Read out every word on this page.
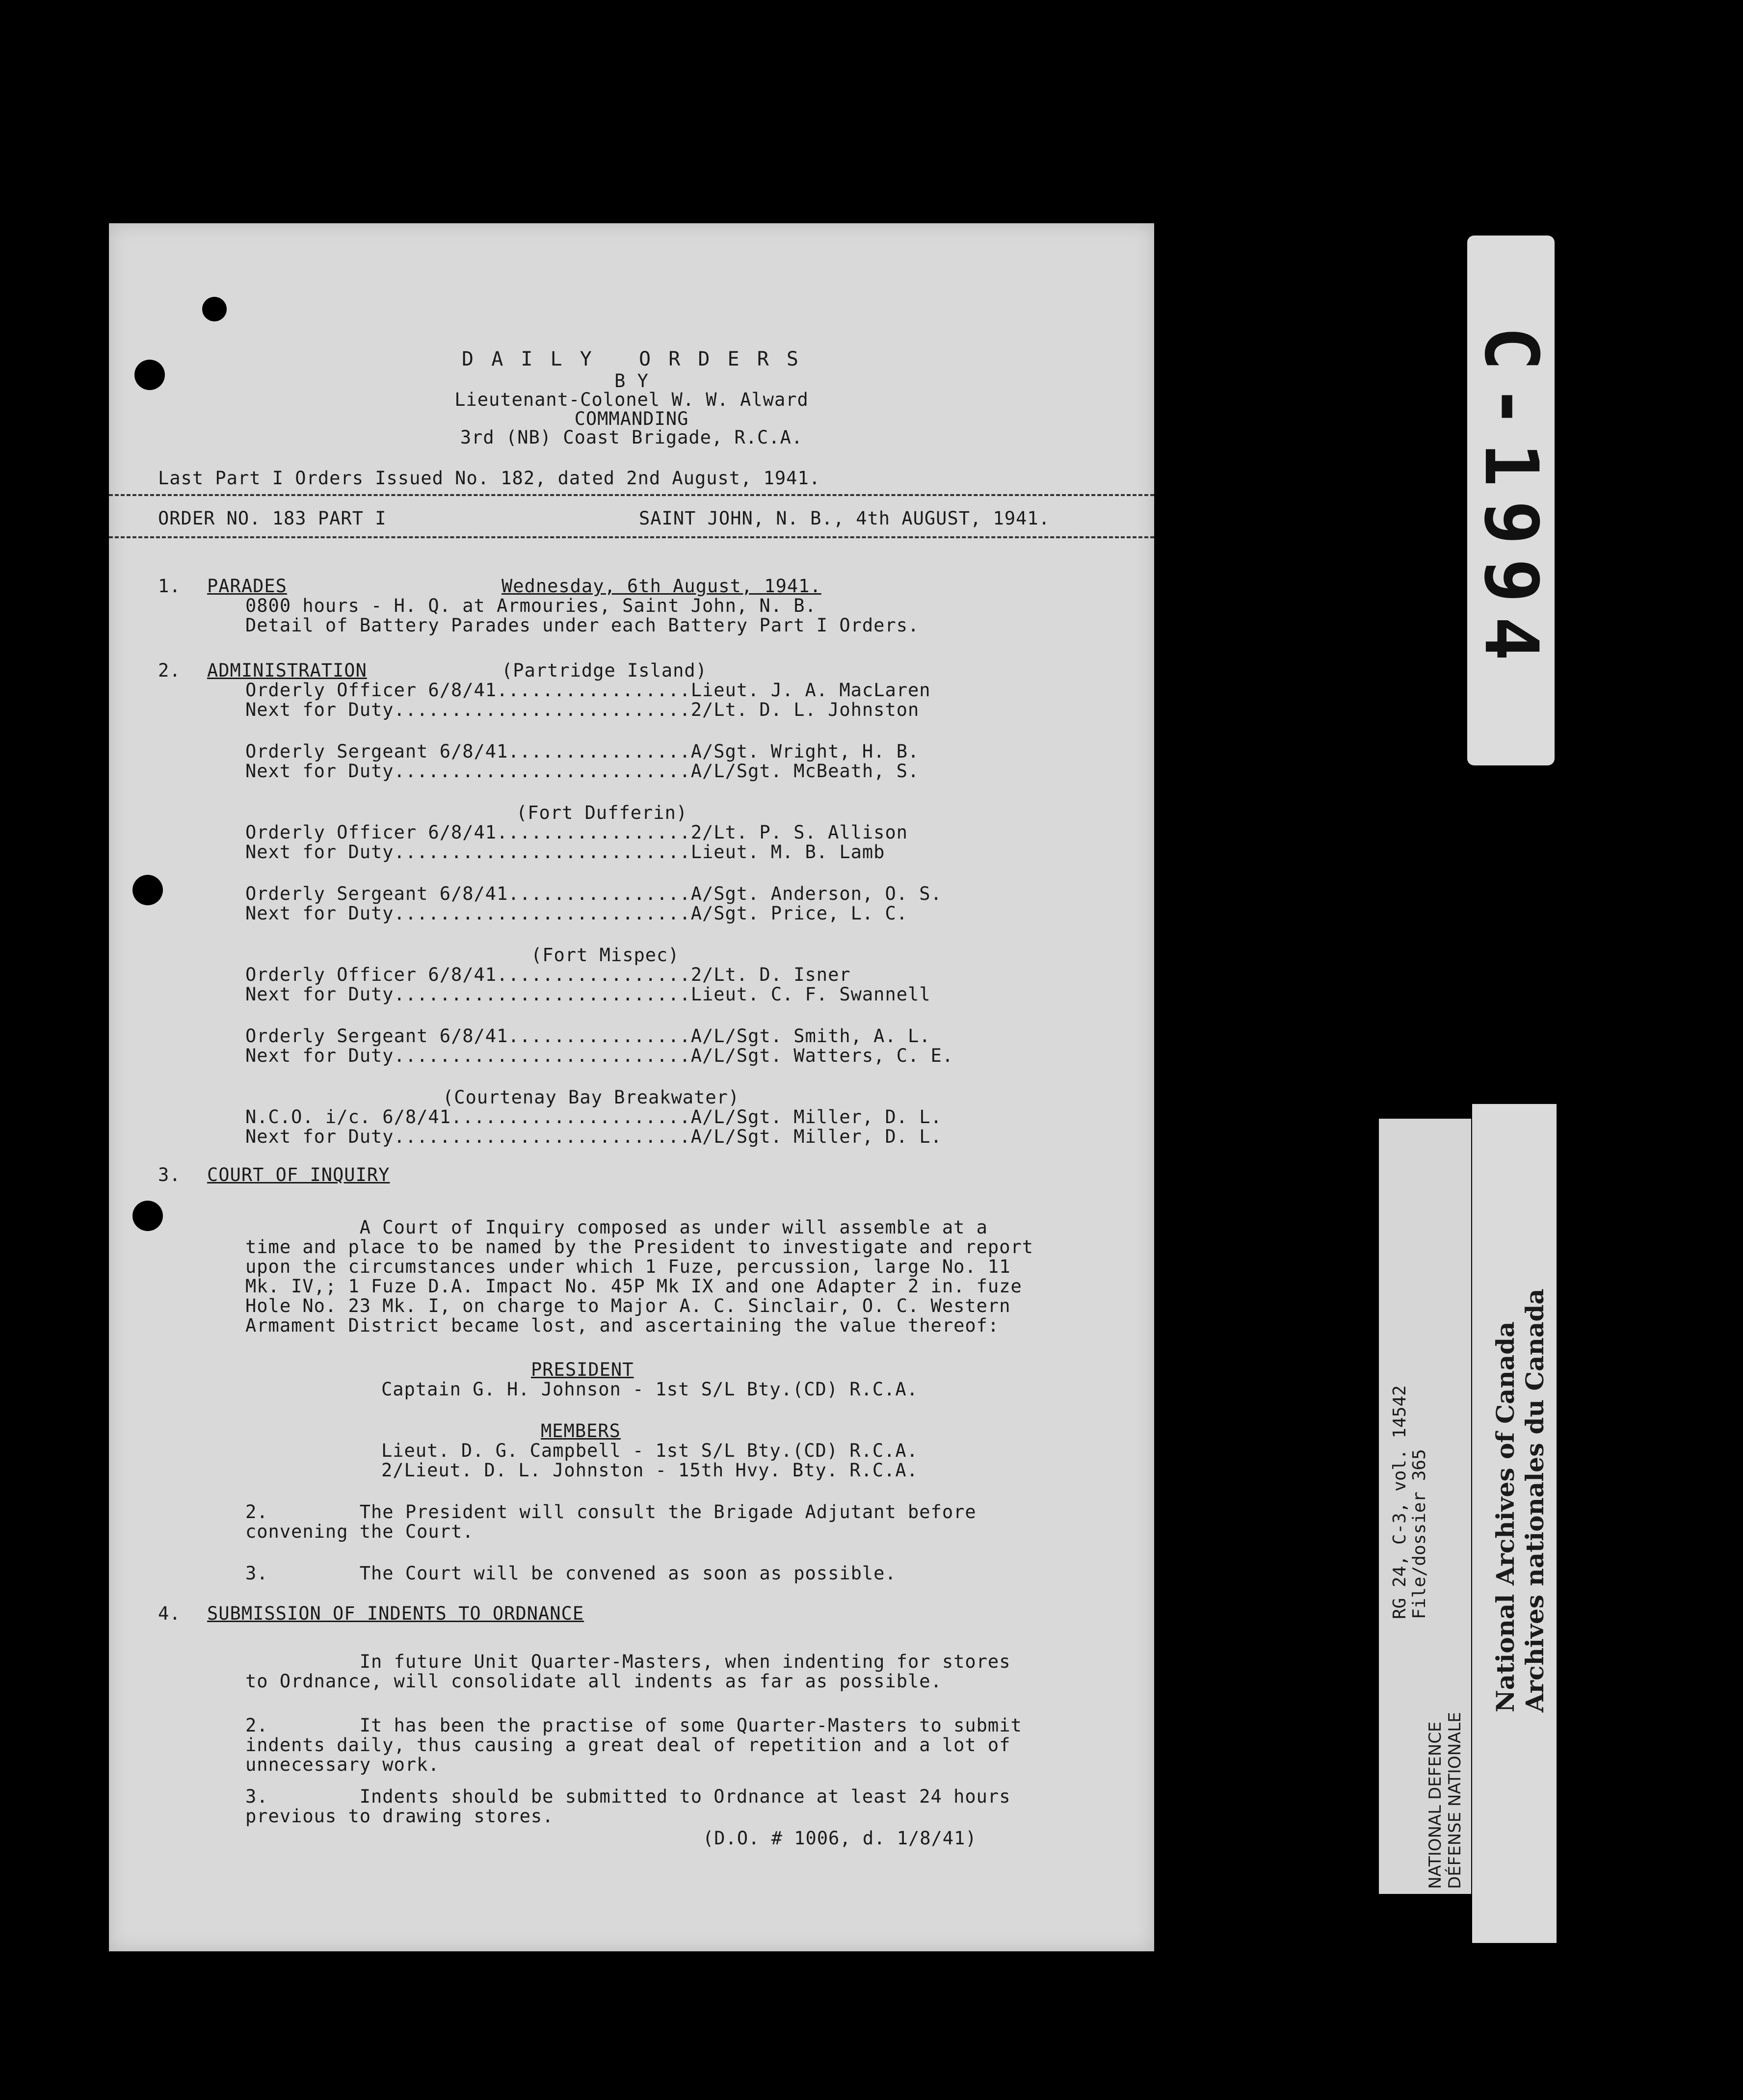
D A I L Y   O R D E R S
B Y
Lieutenant-Colonel W. W. Alward
COMMANDING
3rd (NB) Coast Brigade, R.C.A.
Last Part I Orders Issued No. 182, dated 2nd August, 1941.
ORDER NO. 183 PART I	SAINT JOHN, N. B., 4th AUGUST, 1941.
1. PARADES	Wednesday, 6th August, 1941.
0800 hours - H. Q. at Armouries, Saint John, N. B.
Detail of Battery Parades under each Battery Part I Orders.
2. ADMINISTRATION	(Partridge Island)
Orderly Officer 6/8/41.................Lieut. J. A. MacLaren
Next for Duty..........................2/Lt. D. L. Johnston
Orderly Sergeant 6/8/41................A/Sgt. Wright, H. B.
Next for Duty..........................A/L/Sgt. McBeath, S.
(Fort Dufferin)
Orderly Officer 6/8/41.................2/Lt. P. S. Allison
Next for Duty..........................Lieut. M. B. Lamb
Orderly Sergeant 6/8/41................A/Sgt. Anderson, O. S.
Next for Duty..........................A/Sgt. Price, L. C.
(Fort Mispec)
Orderly Officer 6/8/41.................2/Lt. D. Isner
Next for Duty..........................Lieut. C. F. Swannell
Orderly Sergeant 6/8/41................A/L/Sgt. Smith, A. L.
Next for Duty..........................A/L/Sgt. Watters, C. E.
(Courtenay Bay Breakwater)
N.C.O. i/c. 6/8/41.....................A/L/Sgt. Miller, D. L.
Next for Duty..........................A/L/Sgt. Miller, D. L.
3. COURT OF INQUIRY
A Court of Inquiry composed as under will assemble at a
time and place to be named by the President to investigate and report
upon the circumstances under which 1 Fuze, percussion, large No. 11
Mk. IV,; 1 Fuze D.A. Impact No. 45P Mk IX and one Adapter 2 in. fuze
Hole No. 23 Mk. I, on charge to Major A. C. Sinclair, O. C. Western
Armament District became lost, and ascertaining the value thereof:
PRESIDENT
Captain G. H. Johnson - 1st S/L Bty.(CD) R.C.A.
MEMBERS
Lieut. D. G. Campbell - 1st S/L Bty.(CD) R.C.A.
2/Lieut. D. L. Johnston - 15th Hvy. Bty. R.C.A.
2.        The President will consult the Brigade Adjutant before
convening the Court.
3.        The Court will be convened as soon as possible.
4. SUBMISSION OF INDENTS TO ORDNANCE
In future Unit Quarter-Masters, when indenting for stores
to Ordnance, will consolidate all indents as far as possible.
2.        It has been the practise of some Quarter-Masters to submit
indents daily, thus causing a great deal of repetition and a lot of
unnecessary work.
3.        Indents should be submitted to Ordnance at least 24 hours
previous to drawing stores.
(D.O. # 1006, d. 1/8/41)
C-1994
RG 24, C-3, vol. 14542 File/dossier 365
NATIONAL DEFENCE DÉFENSE NATIONALE
National Archives of Canada Archives nationales du Canada
